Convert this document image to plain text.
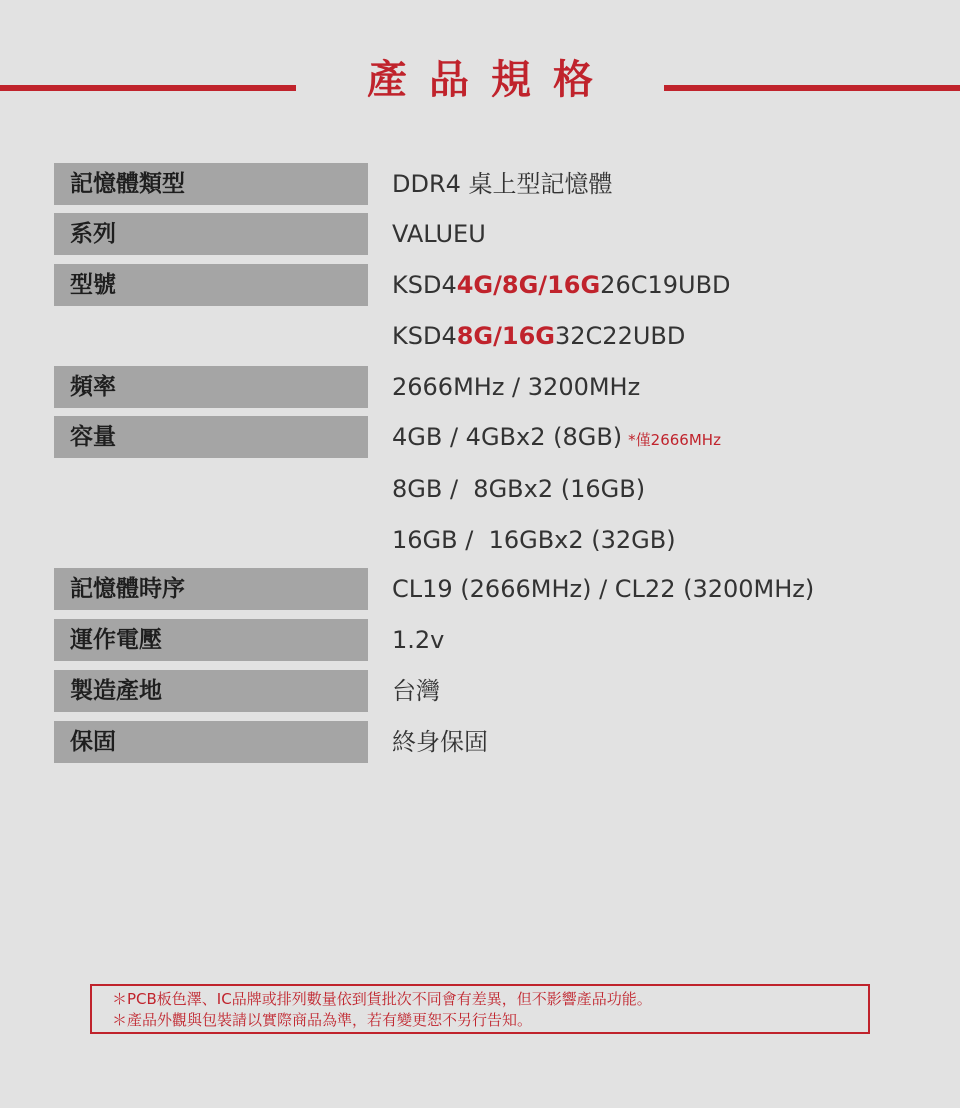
產品規格
記憶體類型	DDR4 桌上型記憶體
系列	VALUEU
型號	KSD44G/8G/16G26C19UBD
KSD48G/16G32C22UBD
頻率	2666MHz / 3200MHz
容量	4GB / 4GBx2 (8GB) *僅2666MHz
8GB /  8GBx2 (16GB)
16GB /  16GBx2 (32GB)
記憶體時序	CL19 (2666MHz) / CL22 (3200MHz)
運作電壓	1.2v
製造產地	台灣
保固	終身保固
＊PCB板色澤、IC品牌或排列數量依到貨批次不同會有差異，但不影響產品功能。
＊產品外觀與包裝請以實際商品為準，若有變更恕不另行告知。
